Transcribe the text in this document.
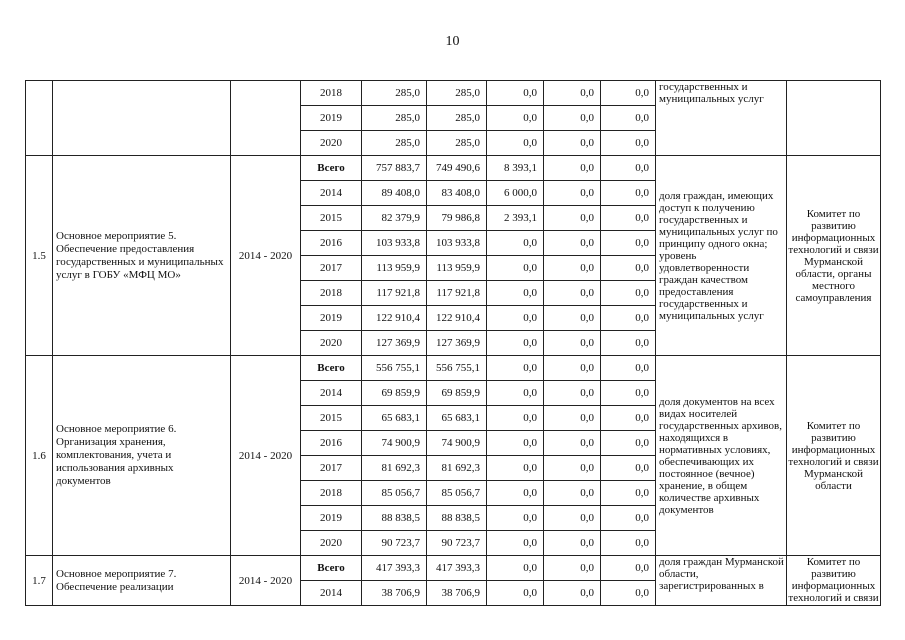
10
			2018	285,0	285,0	0,0	0,0	0,0	государственных и муниципальных услуг	
			2019	285,0	285,0	0,0	0,0	0,0		
			2020	285,0	285,0	0,0	0,0	0,0		
1.5	Основное мероприятие 5. Обеспечение предоставления государственных и муниципальных услуг в ГОБУ «МФЦ МО»	2014 - 2020	Всего	757 883,7	749 490,6	8 393,1	0,0	0,0	доля граждан, имеющих доступ к получению государственных и муниципальных услуг по принципу одного окна; уровень удовлетворенности граждан качеством предоставления государственных и муниципальных услуг	Комитет по развитию информационных технологий и связи Мурманской области, органы местного самоуправления
			2014	89 408,0	83 408,0	6 000,0	0,0	0,0		
			2015	82 379,9	79 986,8	2 393,1	0,0	0,0		
			2016	103 933,8	103 933,8	0,0	0,0	0,0		
			2017	113 959,9	113 959,9	0,0	0,0	0,0		
			2018	117 921,8	117 921,8	0,0	0,0	0,0		
			2019	122 910,4	122 910,4	0,0	0,0	0,0		
			2020	127 369,9	127 369,9	0,0	0,0	0,0		
1.6	Основное мероприятие 6. Организация хранения, комплектования, учета и использования архивных документов	2014 - 2020	Всего	556 755,1	556 755,1	0,0	0,0	0,0	доля документов на всех видах носителей государственных архивов, находящихся в нормативных условиях, обеспечивающих их постоянное (вечное) хранение, в общем количестве архивных документов	Комитет по развитию информационных технологий и связи Мурманской области
			2014	69 859,9	69 859,9	0,0	0,0	0,0		
			2015	65 683,1	65 683,1	0,0	0,0	0,0		
			2016	74 900,9	74 900,9	0,0	0,0	0,0		
			2017	81 692,3	81 692,3	0,0	0,0	0,0		
			2018	85 056,7	85 056,7	0,0	0,0	0,0		
			2019	88 838,5	88 838,5	0,0	0,0	0,0		
			2020	90 723,7	90 723,7	0,0	0,0	0,0		
1.7	Основное мероприятие 7. Обеспечение реализации	2014 - 2020	Всего	417 393,3	417 393,3	0,0	0,0	0,0	доля граждан Мурманской области, зарегистрированных в	Комитет по развитию информационных технологий и связи
			2014	38 706,9	38 706,9	0,0	0,0	0,0		
